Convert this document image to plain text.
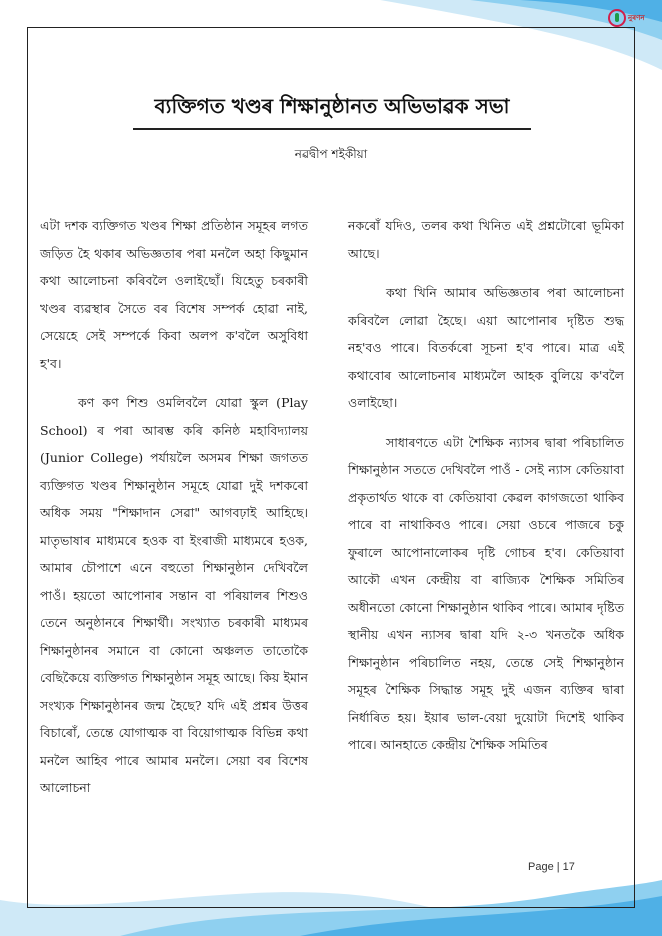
নুৰণন
ব্যক্তিগত খণ্ডৰ শিক্ষানুষ্ঠানত অভিভাৱক সভা
নৱদ্বীপ শইকীয়া

এটা দশক ব্যক্তিগত খণ্ডৰ শিক্ষা প্ৰতিষ্ঠান সমূহৰ লগত জড়িত হৈ থকাৰ অভিজ্ঞতাৰ পৰা মনলৈ অহা কিছুমান কথা আলোচনা কৰিবলৈ ওলাইছোঁ। যিহেতু চৰকাৰী খণ্ডৰ ব্যৱস্থাৰ সৈতে বৰ বিশেষ সম্পৰ্ক হোৱা নাই, সেয়েহে সেই সম্পৰ্কে কিবা অলপ ক'বলৈ অসুবিধা হ'ব।

কণ কণ শিশু ওমলিবলৈ যোৱা স্কুল (Play School) ৰ পৰা আৰম্ভ কৰি কনিষ্ঠ মহাবিদ্যালয় (Junior College) পৰ্যায়লৈ অসমৰ শিক্ষা জগতত ব্যক্তিগত খণ্ডৰ শিক্ষানুষ্ঠান সমূহে যোৱা দুই দশকৰো অধিক সময় "শিক্ষাদান সেৱা" আগবঢ়াই আহিছে। মাতৃভাষাৰ মাধ্যমৰে হওক বা ইংৰাজী মাধ্যমৰে হওক, আমাৰ চৌপাশে এনে বহুতো শিক্ষানুষ্ঠান দেখিবলৈ পাওঁ। হয়তো আপোনাৰ সন্তান বা পৰিয়ালৰ শিশুও তেনে অনুষ্ঠানৰে শিক্ষাৰ্থী। সংখ্যাত চৰকাৰী মাধ্যমৰ শিক্ষানুষ্ঠানৰ সমানে বা কোনো অঞ্চলত তাতোকৈ বেছিকৈয়ে ব্যক্তিগত শিক্ষানুষ্ঠান সমূহ আছে। কিয় ইমান সংখ্যক শিক্ষানুষ্ঠানৰ জন্ম হৈছে? যদি এই প্ৰশ্নৰ উত্তৰ বিচাৰোঁ, তেন্তে যোগাত্মক বা বিয়োগাত্মক বিভিন্ন কথা মনলৈ আহিব পাৰে আমাৰ মনলৈ। সেয়া বৰ বিশেষ আলোচনা

নকৰোঁ যদিও, তলৰ কথা খিনিত এই প্ৰশ্নটোৰো ভূমিকা আছে।

কথা খিনি আমাৰ অভিজ্ঞতাৰ পৰা আলোচনা কৰিবলৈ লোৱা হৈছে। এয়া আপোনাৰ দৃষ্টিত শুদ্ধ নহ'বও পাৰে। বিতৰ্কৰো সূচনা হ'ব পাৰে। মাত্ৰ এই কথাবোৰ আলোচনাৰ মাধ্যমলৈ আহক বুলিয়ে ক'বলৈ ওলাইছো।

সাধাৰণতে এটা শৈক্ষিক ন্যাসৰ দ্বাৰা পৰিচালিত শিক্ষানুষ্ঠান সততে দেখিবলৈ পাওঁ - সেই ন্যাস কেতিয়াবা প্ৰকৃতাৰ্থত থাকে বা কেতিয়াবা কেৱল কাগজতো থাকিব পাৰে বা নাথাকিবও পাৰে। সেয়া ওচৰে পাজৰে চকু ফুৰালে আপোনালোকৰ দৃষ্টি গোচৰ হ'ব। কেতিয়াবা আকৌ এখন কেন্দ্ৰীয় বা ৰাজ্যিক শৈক্ষিক সমিতিৰ অধীনতো কোনো শিক্ষানুষ্ঠান থাকিব পাৰে। আমাৰ দৃষ্টিত স্থানীয় এখন ন্যাসৰ দ্বাৰা যদি ২-৩ খনতকৈ অধিক শিক্ষানুষ্ঠান পৰিচালিত নহয়, তেন্তে সেই শিক্ষানুষ্ঠান সমূহৰ শৈক্ষিক সিদ্ধান্ত সমূহ দুই এজন ব্যক্তিৰ দ্বাৰা নিৰ্ধাৰিত হয়। ইয়াৰ ভাল-বেয়া দুয়োটা দিশেই থাকিব পাৰে। আনহাতে কেন্দ্ৰীয় শৈক্ষিক সমিতিৰ

Page | 17
